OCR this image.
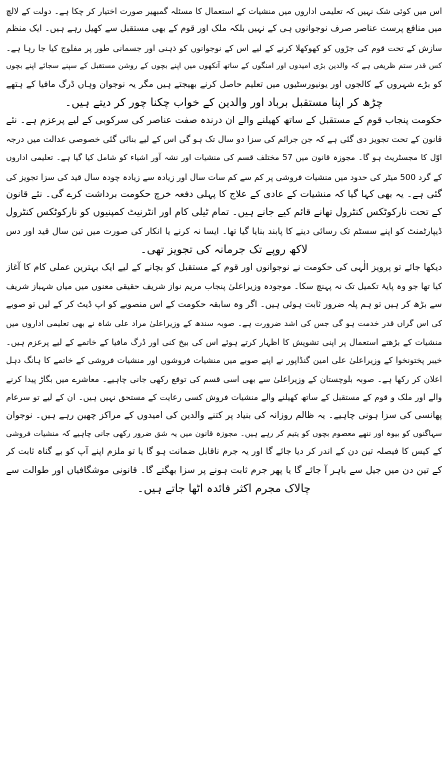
اس میں کوئی شک نہیں کہ تعلیمی اداروں میں منشیات کے استعمال کا مسئلہ گمبھیر صورت اختیار کر چکا ہے۔ دولت کے لالچ
میں منافع پرست عناصر صرف نوجوانوں ہی کے نہیں بلکہ ملک اور قوم کے بھی مستقبل سے کھیل رہے ہیں۔ ایک منظم
سازش کے تحت قوم کی جڑوں کو کھوکھلا کرنے کے لیے اس کے نوجوانوں کو ذہنی اور جسمانی طور پر مفلوج کیا جا رہا ہے۔
کس قدر ستم ظریفی ہے کہ والدین بڑی امیدوں اور امنگوں کے ساتھ آنکھوں میں اپنے بچوں کے روشن مستقبل کے سپنے سجائے اپنے بچوں
کو بڑے شہروں کے کالجوں اور یونیورسٹیوں میں تعلیم حاصل کرنے بھیجتے ہیں مگر یہ نوجوان وہاں ڈرگ مافیا کے ہتھے
چڑھ کر اپنا مستقبل برباد اور والدین کے خواب چکنا چور کر دیتے ہیں۔
حکومت پنجاب قوم کے مستقبل کے ساتھ کھیلنے والے ان درندہ صفت عناصر کی سرکوبی کے لیے پرعزم ہے۔ نئے
قانون کے تحت تجویز دی گئی ہے کہ جن جرائم کی سزا دو سال تک ہو گی اس کے لیے بنائی گئی خصوصی عدالت میں درجہ
اوّل کا مجسٹریٹ ہو گا۔ مجوزہ قانون میں 57 مختلف قسم کی منشیات اور نشہ آور اشیاء کو شامل کیا گیا ہے۔ تعلیمی اداروں
کے گرد 500 میٹر کی حدود میں منشیات فروشی پر کم سے کم سات سال اور زیادہ سے زیادہ چودہ سال قید کی سزا تجویز کی
گئی ہے۔ یہ بھی کہا گیا کہ منشیات کے عادی کے علاج کا پہلی دفعہ خرچ حکومت برداشت کرے گی۔ نئے قانون
کے تحت نارکوٹکس کنٹرول تھانے قائم کیے جانے ہیں۔ تمام ٹیلی کام اور انٹرنیٹ کمپنیوں کو نارکوٹکس کنٹرول
ڈیپارٹمنٹ کو اپنے سسٹم تک رسائی دینے کا پابند بنایا گیا تھا۔ ایسا نہ کرنے یا انکار کی صورت میں تین سال قید اور دس
لاکھ روپے تک جرمانہ کی تجویز تھی۔
دیکھا جائے تو پرویز الٰہی کی حکومت نے نوجوانوں اور قوم کے مستقبل کو بچانے کے لیے ایک بہترین عملی کام کا آغاز
کیا تھا جو وہ پایۂ تکمیل تک نہ پہنچ سکا۔ موجودہ وزیراعلیٰ پنجاب مریم نواز شریف حقیقی معنوں میں میاں شہباز شریف
سے بڑھ کر ہیں تو ہم پلہ ضرور ثابت ہوئی ہیں۔ اگر وہ سابقہ حکومت کے اس منصوبے کو اپ ڈیٹ کر کے لیں تو صوبے
کی اس گراں قدر خدمت ہو گی جس کی اشد ضرورت ہے۔ صوبہ سندھ کے وزیراعلیٰ مراد علی شاہ نے بھی تعلیمی اداروں میں
منشیات کے بڑھتے استعمال پر اپنی تشویش کا اظہار کرتے ہوئے اس کی بیخ کنی اور ڈرگ مافیا کے خاتمے کے لیے پرعزم ہیں۔
خیبر پختونخوا کے وزیراعلیٰ علی امین گنڈاپور نے اپنے صوبے میں منشیات فروشوں اور منشیات فروشی کے خاتمے کا ہانگ دہل
اعلان کر رکھا ہے۔ صوبہ بلوچستان کے وزیراعلیٰ سے بھی اسی قسم کی توقع رکھی جانی چاہیے۔ معاشرے میں بگاڑ پیدا کرنے
والے اور ملک و قوم کے مستقبل کے ساتھ کھیلنے والے منشیات فروش کسی رعایت کے مستحق نہیں ہیں۔ ان کے لیے تو سرعام
پھانسی کی سزا ہونی چاہیے۔ یہ ظالم روزانہ کی بنیاد پر کتنے والدین کی امیدوں کے مراکز چھین رہے ہیں۔ نوجوان
سہاگنوں کو بیوہ اور ننھے معصوم بچوں کو یتیم کر رہے ہیں۔ مجوزہ قانون میں یہ شق ضرور رکھی جانی چاہیے کہ منشیات فروشی
کے کیس کا فیصلہ تین دن کے اندر کر دیا جائے گا اور یہ جرم ناقابل ضمانت ہو گا یا تو ملزم اپنے آپ کو بے گناہ ثابت کر
کے تین دن میں جیل سے باہر آ جائے گا یا پھر جرم ثابت ہونے پر سزا بھگتے گا۔ قانونی موشگافیاں اور طوالت سے
چالاک مجرم اکثر فائدہ اٹھا جاتے ہیں۔
